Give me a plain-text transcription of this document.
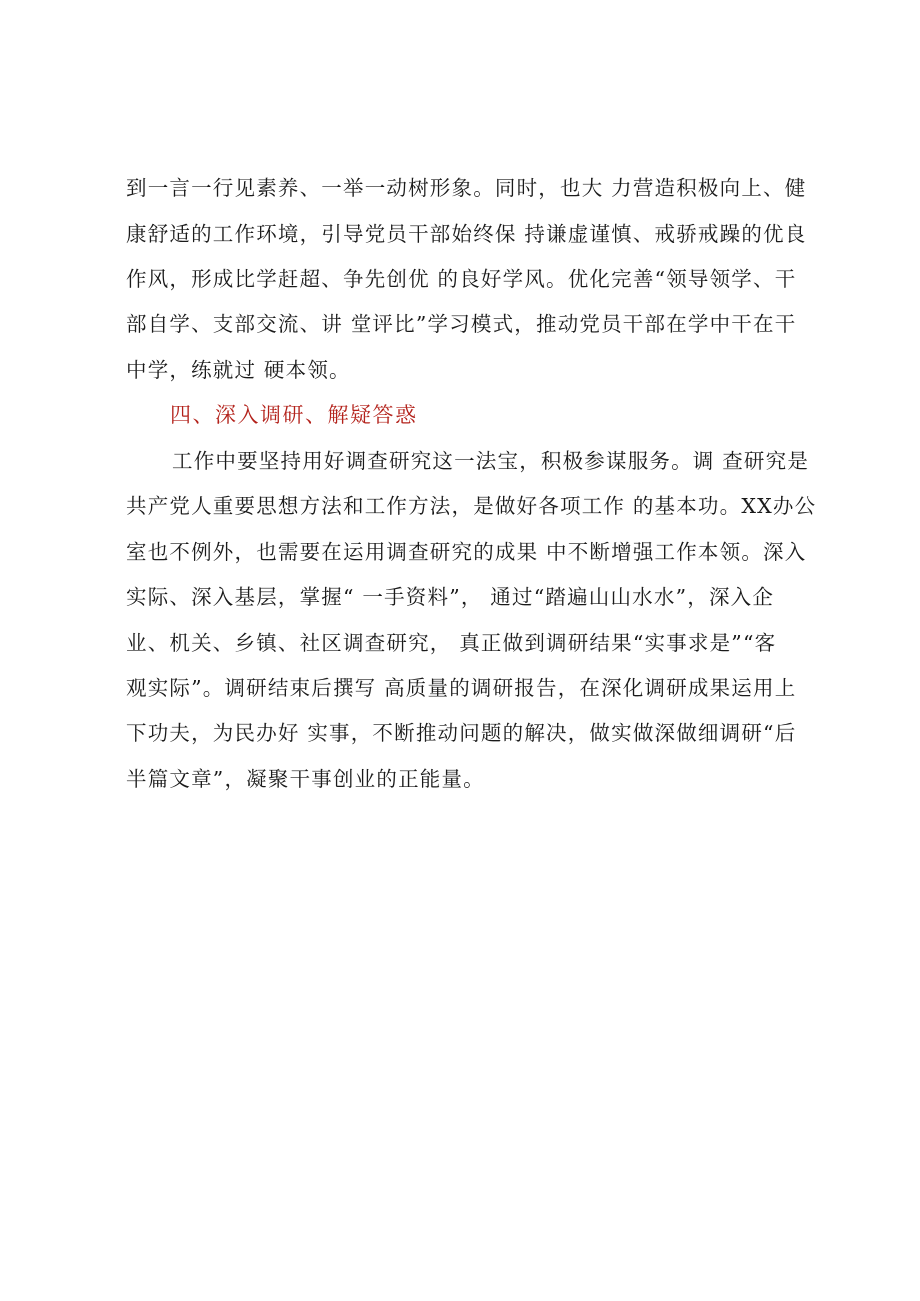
到一言一行见素养、一举一动树形象。同时，也大 力营造积极向上、健
康舒适的工作环境，引导党员干部始终保 持谦虚谨慎、戒骄戒躁的优良
作风，形成比学赶超、争先创优 的良好学风。优化完善“领导领学、干
部自学、支部交流、讲 堂评比”学习模式，推动党员干部在学中干在干
中学，练就过 硬本领。
四、深入调研、解疑答惑
工作中要坚持用好调查研究这一法宝，积极参谋服务。调 查研究是
共产党人重要思想方法和工作方法，是做好各项工作 的基本功。XX办公
室也不例外，也需要在运用调查研究的成果 中不断增强工作本领。深入
实际、深入基层，掌握“ 一手资料”， 通过“踏遍山山水水”，深入企
业、机关、乡镇、社区调查研究， 真正做到调研结果“实事求是”“客
观实际”。调研结束后撰写 高质量的调研报告，在深化调研成果运用上
下功夫，为民办好 实事，不断推动问题的解决，做实做深做细调研“后
半篇文章”，凝聚干事创业的正能量。
